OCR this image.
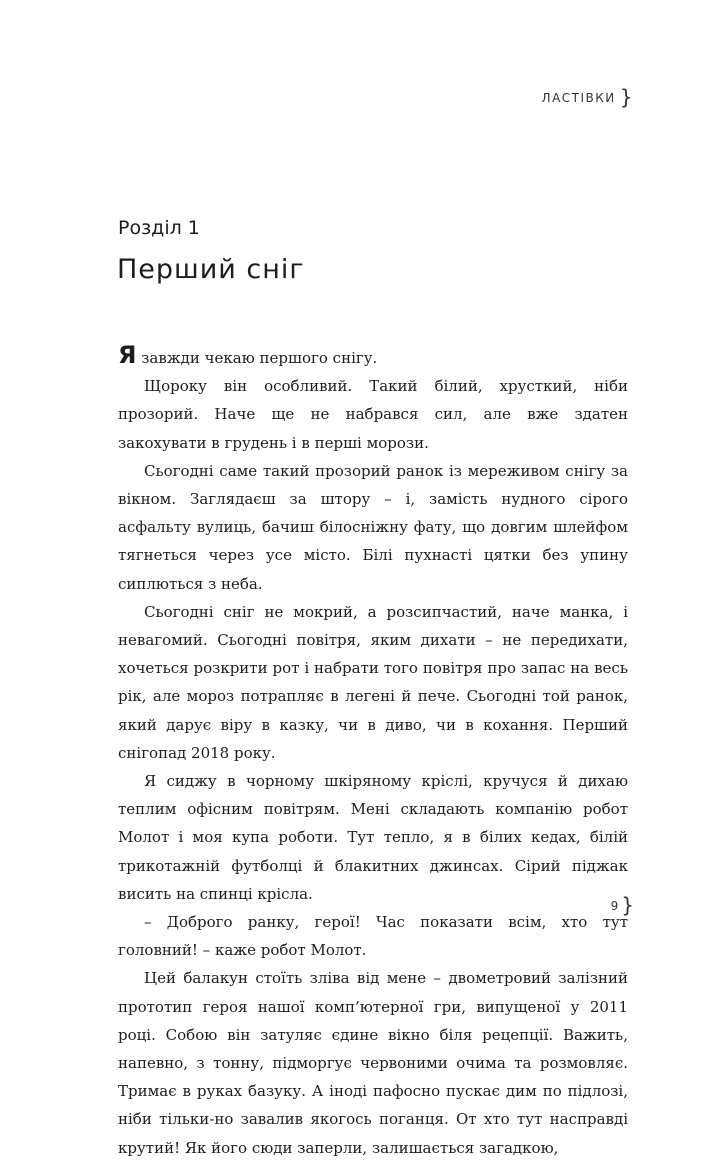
ЛАСТІВКИ }
Розділ 1
Перший сніг

Я завжди чекаю першого снігу.

Щороку він особливий. Такий білий, хрусткий, ніби прозорий. Наче ще не набрався сил, але вже здатен закохувати в грудень і в перші морози.

Сьогодні саме такий прозорий ранок із мереживом снігу за вікном. Заглядаєш за штору – і, замість нудного сірого асфальту вулиць, бачиш білосніжну фату, що довгим шлейфом тягнеться через усе місто. Білі пухнасті цятки без упину сиплються з неба.

Сьогодні сніг не мокрий, а розсипчастий, наче манка, і невагомий. Сьогодні повітря, яким дихати – не передихати, хочеться розкрити рот і набрати того повітря про запас на весь рік, але мороз потрапляє в легені й пече. Сьогодні той ранок, який дарує віру в казку, чи в диво, чи в кохання. Перший снігопад 2018 року.

Я сиджу в чорному шкіряному кріслі, кручуся й дихаю теплим офісним повітрям. Мені складають компанію робот Молот і моя купа роботи. Тут тепло, я в білих кедах, білій трикотажній футболці й блакитних джинсах. Сірий піджак висить на спинці крісла.

– Доброго ранку, герої! Час показати всім, хто тут головний! – каже робот Молот.

Цей балакун стоїть зліва від мене – двометровий залізний прототип героя нашої комп’ютерної гри, випущеної у 2011 році. Собою він затуляє єдине вікно біля рецепції. Важить, напевно, з тонну, підморгує червоними очима та розмовляє. Тримає в руках базуку. А іноді пафосно пускає дим по підлозі, ніби тільки-но завалив якогось поганця. От хто тут насправді крутий! Як його сюди заперли, залишається загадкою,

9 }
